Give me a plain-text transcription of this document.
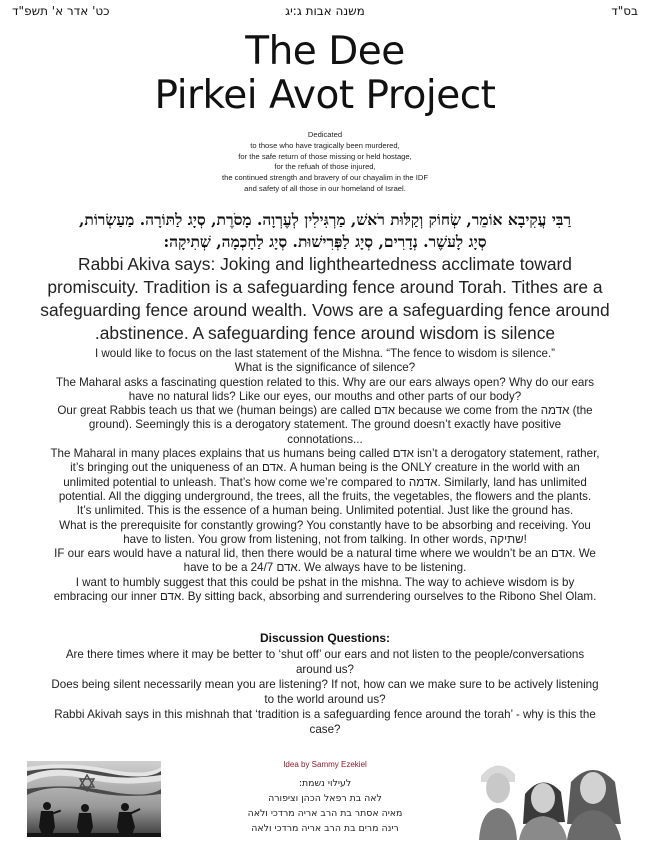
כט' אדר א' תשפ"ד	משנה אבות ג:יג	בס"ד
The Dee
Pirkei Avot Project
Dedicated
to those who have tragically been murdered,
for the safe return of those missing or held hostage,
for the refuah of those injured,
the continued strength and bravery of our chayalim in the IDF
and safety of all those in our homeland of Israel.
רַבִּי עֲקִיבָא אוֹמֵר, שְׂחוֹק וְקַלּוּת רֹאשׁ, מַרְגִּילִין לְעֶרְוָה. מָסֹרֶת, סְיָג לַתּוֹרָה. מַעַשְׂרוֹת,
סְיָג לָעשֶׁר. נְדָרִים, סְיָג לַפְּרִישׁוּת. סְיָג לַחָכְמָה, שְׁתִיקָה:
Rabbi Akiva says: Joking and lightheartedness acclimate toward
promiscuity. Tradition is a safeguarding fence around Torah. Tithes are a
safeguarding fence around wealth. Vows are a safeguarding fence around
.abstinence. A safeguarding fence around wisdom is silence

I would like to focus on the last statement of the Mishna. “The fence to wisdom is silence.”

What is the significance of silence?

The Maharal asks a fascinating question related to this. Why are our ears always open? Why do our ears

have no natural lids? Like our eyes, our mouths and other parts of our body?

Our great Rabbis teach us that we (human beings) are called אדם because we come from the אדמה (the

ground). Seemingly this is a derogatory statement. The ground doesn’t exactly have positive

connotations...

The Maharal in many places explains that us humans being called אדם isn’t a derogatory statement, rather,

it’s bringing out the uniqueness of an אדם. A human being is the ONLY creature in the world with an

unlimited potential to unleash. That’s how come we’re compared to אדמה. Similarly, land has unlimited

potential. All the digging underground, the trees, all the fruits, the vegetables, the flowers and the plants.

It’s unlimited. This is the essence of a human being. Unlimited potential. Just like the ground has.

What is the prerequisite for constantly growing? You constantly have to be absorbing and receiving. You

have to listen. You grow from listening, not from talking. In other words, שתיקה!

IF our ears would have a natural lid, then there would be a natural time where we wouldn’t be an אדם. We

have to be a 24/7 אדם. We always have to be listening.

I want to humbly suggest that this could be pshat in the mishna. The way to achieve wisdom is by

embracing our inner אדם. By sitting back, absorbing and surrendering ourselves to the Ribono Shel Olam.

Discussion Questions:

Are there times where it may be better to ‘shut off’ our ears and not listen to the people/conversations

around us?

Does being silent necessarily mean you are listening? If not, how can we make sure to be actively listening

to the world around us?

Rabbi Akivah says in this mishnah that ‘tradition is a safeguarding fence around the torah’ - why is this the

case?

Idea by Sammy Ezekiel
לעילוי נשמת:
לאה בת רפאל הכהן וציפורה
מאיה אסתר בת הרב אריה מרדכי ולאה
רינה מרים בת הרב אריה מרדכי ולאה
